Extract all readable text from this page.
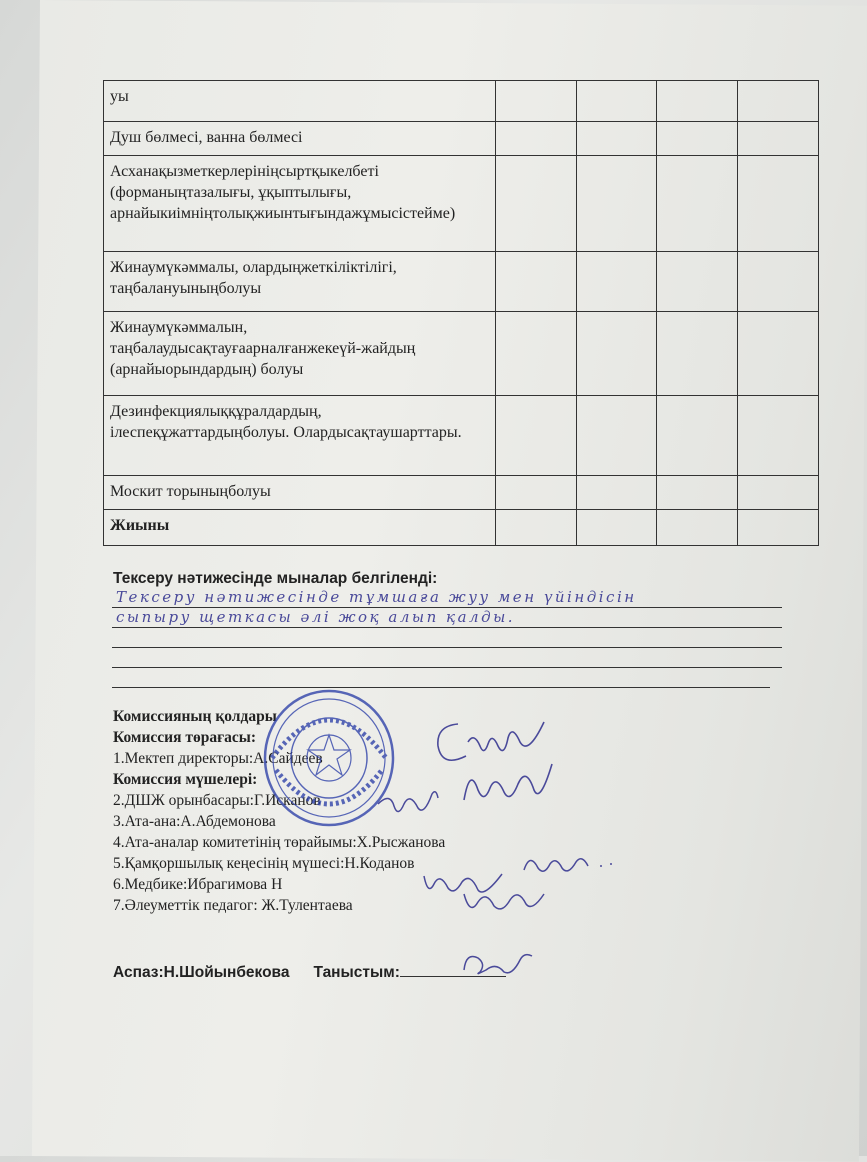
уы				
Душ бөлмесі, ванна бөлмесі				
Асханақызметкерлерініңсыртқыкелбеті (форманыңтазалығы, ұқыптылығы, арнайыкиімніңтолықжиынтығындажұмысістейме)				
Жинаумүкәммалы, олардыңжеткіліктілігі, таңбалануыныңболуы				
Жинаумүкәммалын, таңбалаудысақтауғаарналғанжекеүй-жайдың (арнайыорындардың) болуы				
Дезинфекциялыққұралдардың, ілеспеқұжаттардыңболуы. Олардысақтаушарттары.				
Москит торыныңболуы				
Жиыны				
Тексеру нәтижесінде мыналар белгіленді:
Тексеру нәтижесінде тұмшаға жуу мен үйіндісін
сыпыру щеткасы әлі жоқ алып қалды.
Комиссияның қолдары
Комиссия төрағасы:
1.Мектеп директоры:А.Сайдеев
Комиссия мүшелері:
2.ДШЖ орынбасары:Г.Исканов
3.Ата-ана:А.Абдемонова
4.Ата-аналар комитетінің төрайымы:Х.Рысжанова
5.Қамқоршылық кеңесінің мүшесі:Н.Коданов
6.Медбике:Ибрагимова Н
7.Әлеуметтік педагог: Ж.Тулентаева
Аспаз:Н.Шойынбекова Таныстым:
